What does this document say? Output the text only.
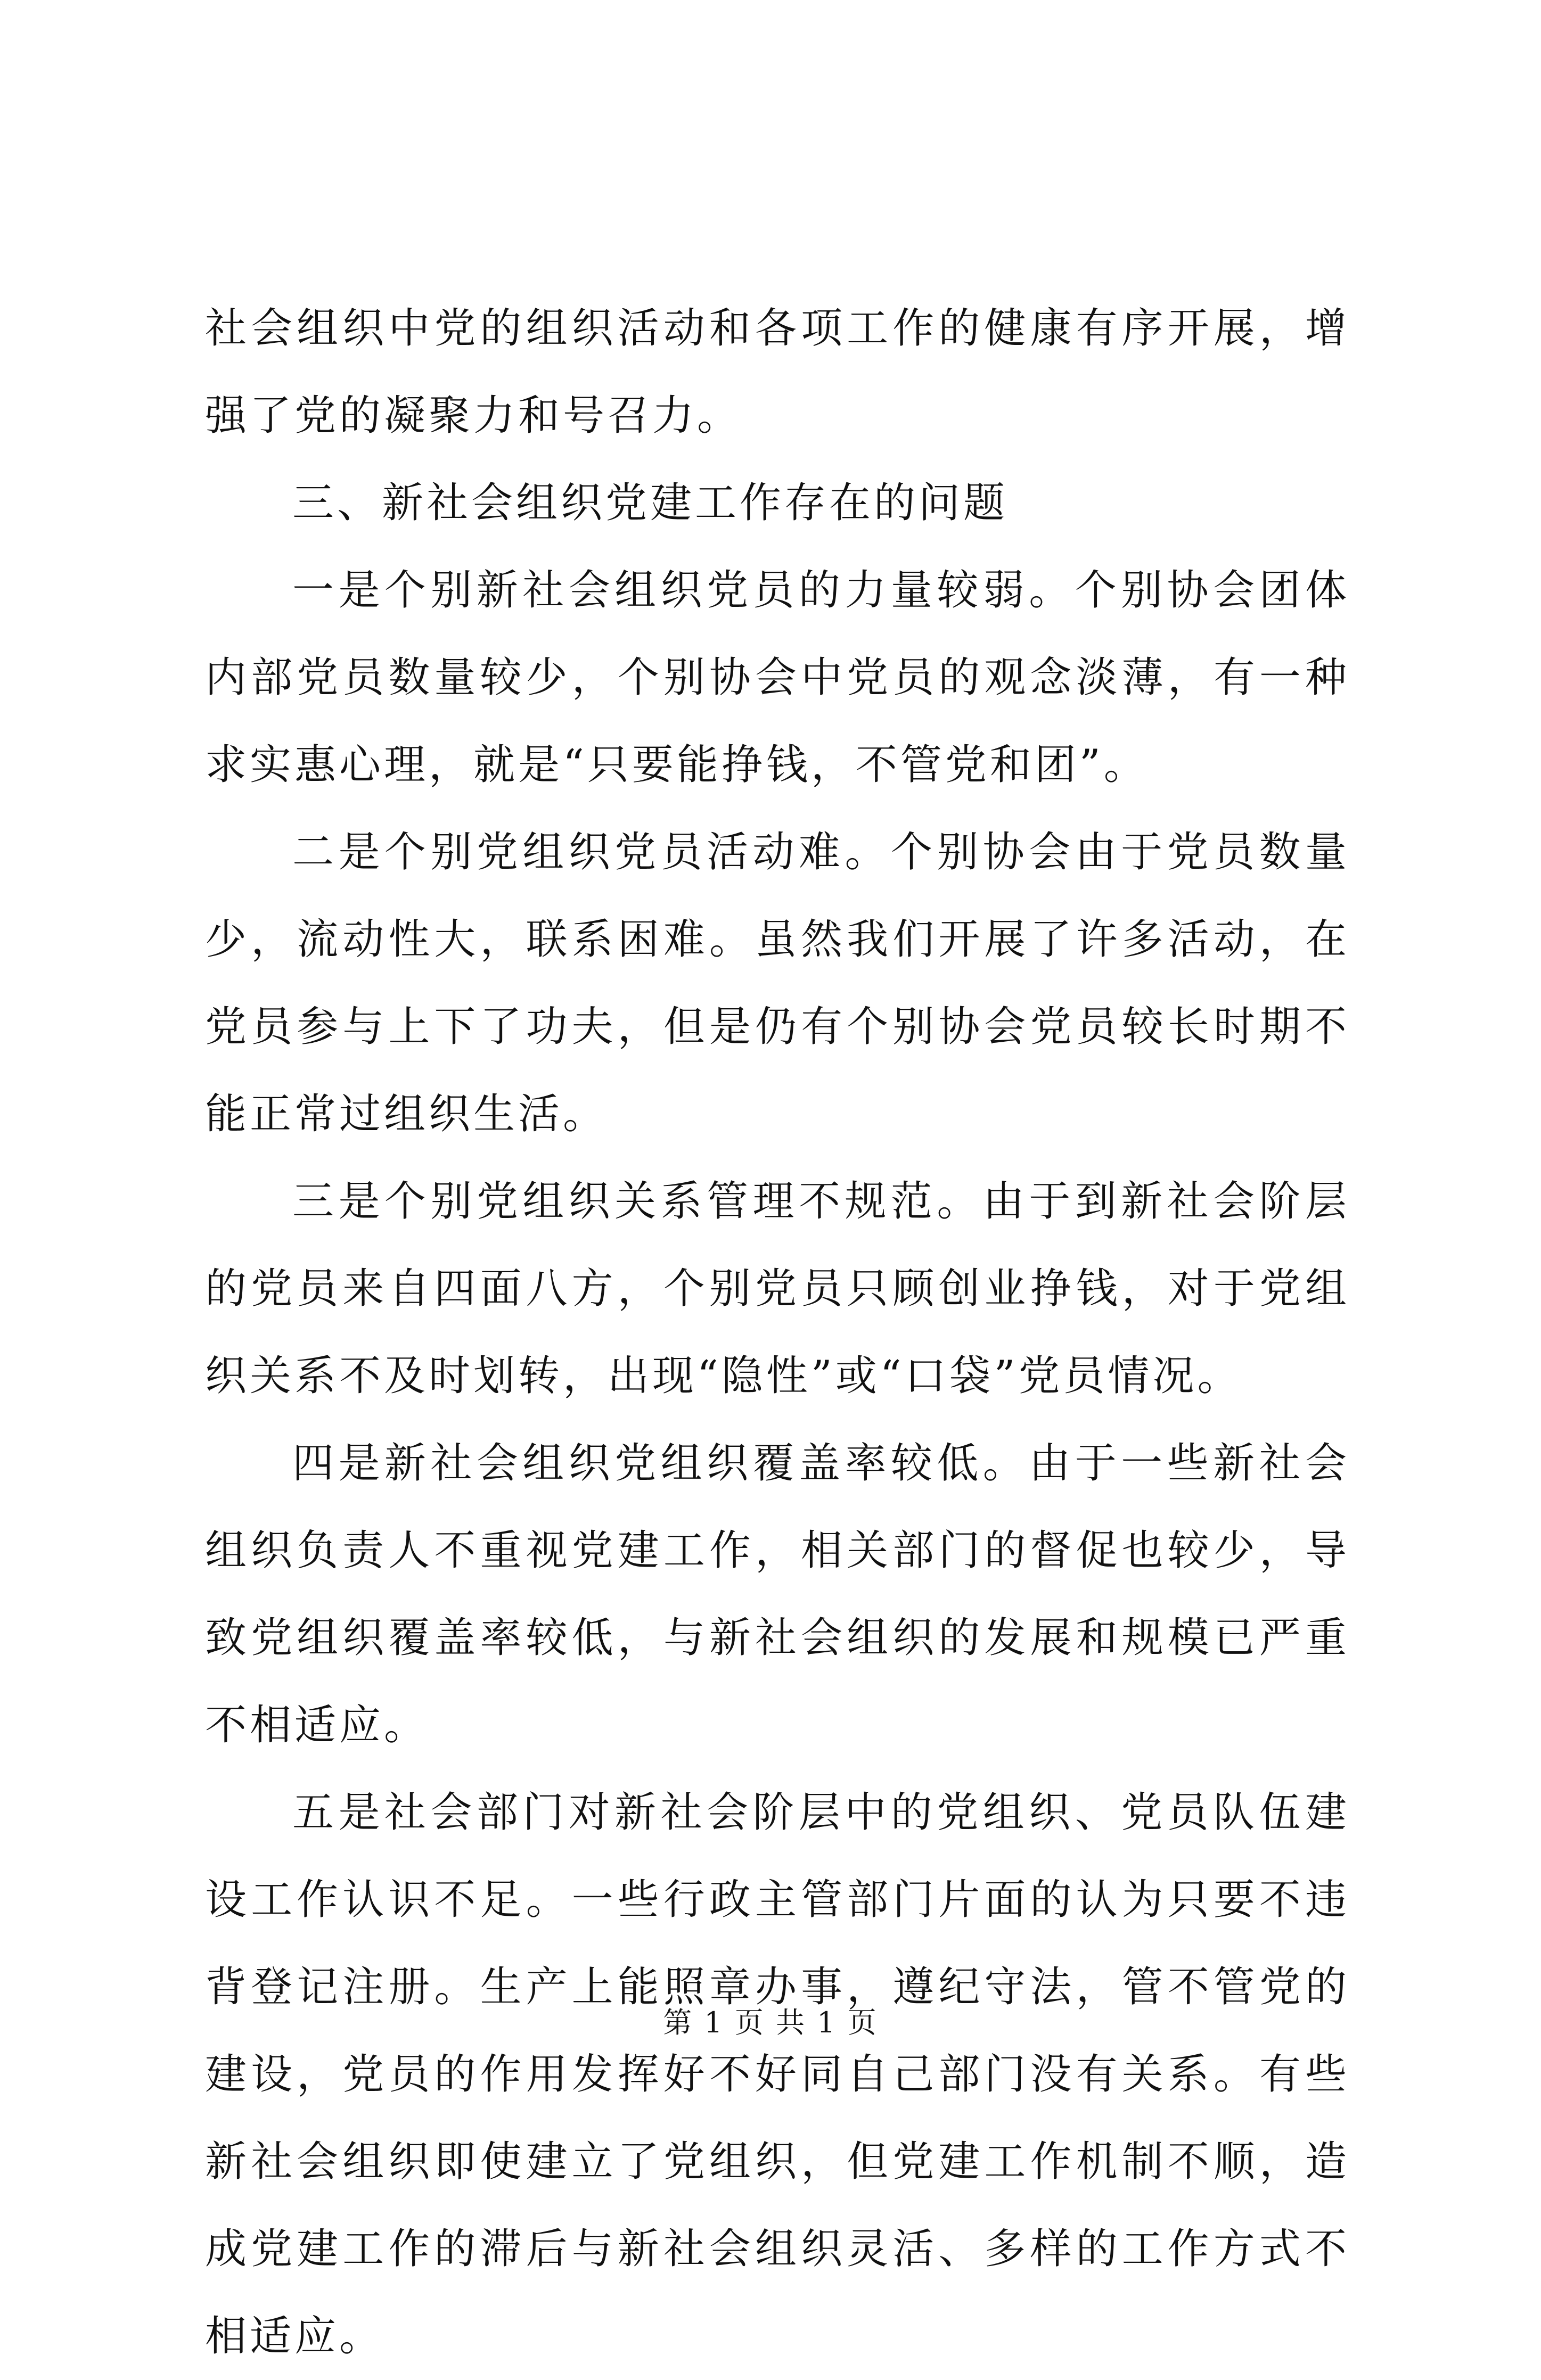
社会组织中党的组织活动和各项工作的健康有序开展，增强了党的凝聚力和号召力。

三、新社会组织党建工作存在的问题

一是个别新社会组织党员的力量较弱。个别协会团体内部党员数量较少，个别协会中党员的观念淡薄，有一种求实惠心理，就是“只要能挣钱，不管党和团”。

二是个别党组织党员活动难。个别协会由于党员数量少，流动性大，联系困难。虽然我们开展了许多活动，在党员参与上下了功夫，但是仍有个别协会党员较长时期不能正常过组织生活。

三是个别党组织关系管理不规范。由于到新社会阶层的党员来自四面八方，个别党员只顾创业挣钱，对于党组织关系不及时划转，出现“隐性”或“口袋”党员情况。

四是新社会组织党组织覆盖率较低。由于一些新社会组织负责人不重视党建工作，相关部门的督促也较少，导致党组织覆盖率较低，与新社会组织的发展和规模已严重不相适应。

五是社会部门对新社会阶层中的党组织、党员队伍建设工作认识不足。一些行政主管部门片面的认为只要不违背登记注册。生产上能照章办事，遵纪守法，管不管党的建设，党员的作用发挥好不好同自己部门没有关系。有些新社会组织即使建立了党组织，但党建工作机制不顺，造成党建工作的滞后与新社会组织灵活、多样的工作方式不相适应。

第 1 页 共 1 页
